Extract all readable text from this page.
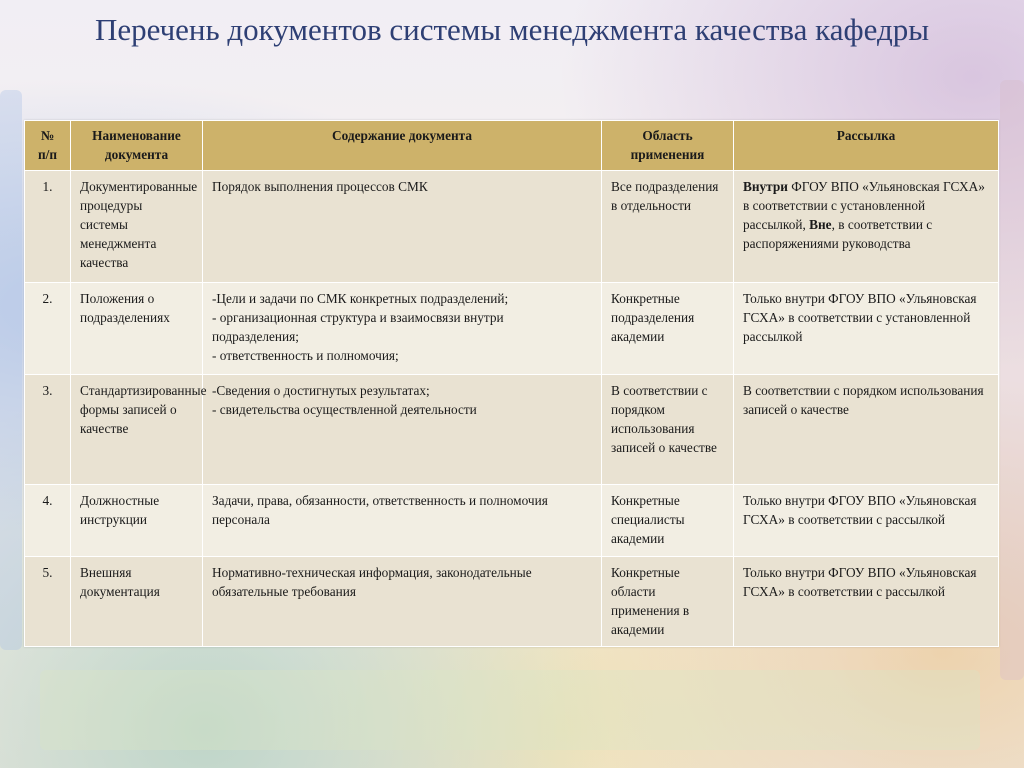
Перечень документов системы менеджмента качества кафедры
№ п/п	Наименование документа	Содержание документа	Область применения	Рассылка
1.	Документированные процедуры системы менеджмента качества	Порядок выполнения процессов СМК	Все подразделения в отдельности	Внутри ФГОУ ВПО «Ульяновская ГСХА» в соответствии с установленной рассылкой, Вне, в соответствии с распоряжениями руководства
2.	Положения о подразделениях	-Цели и задачи по СМК конкретных подразделений;
- организационная структура и взаимосвязи внутри подразделения;
- ответственность и полномочия;	Конкретные подразделения академии	Только внутри ФГОУ ВПО «Ульяновская ГСХА» в соответствии с установленной рассылкой
3.	Стандартизированные формы записей о качестве	-Сведения о достигнутых результатах;
- свидетельства осуществленной деятельности	В соответствии с порядком использования записей о качестве	В соответствии с порядком использования записей о качестве
4.	Должностные инструкции	Задачи, права, обязанности, ответственность и полномочия персонала	Конкретные специалисты академии	Только внутри ФГОУ ВПО «Ульяновская ГСХА» в соответствии с рассылкой
5.	Внешняя документация	Нормативно-техническая информация, законодательные обязательные требования	Конкретные области применения в академии	Только внутри ФГОУ ВПО «Ульяновская ГСХА» в соответствии с рассылкой
